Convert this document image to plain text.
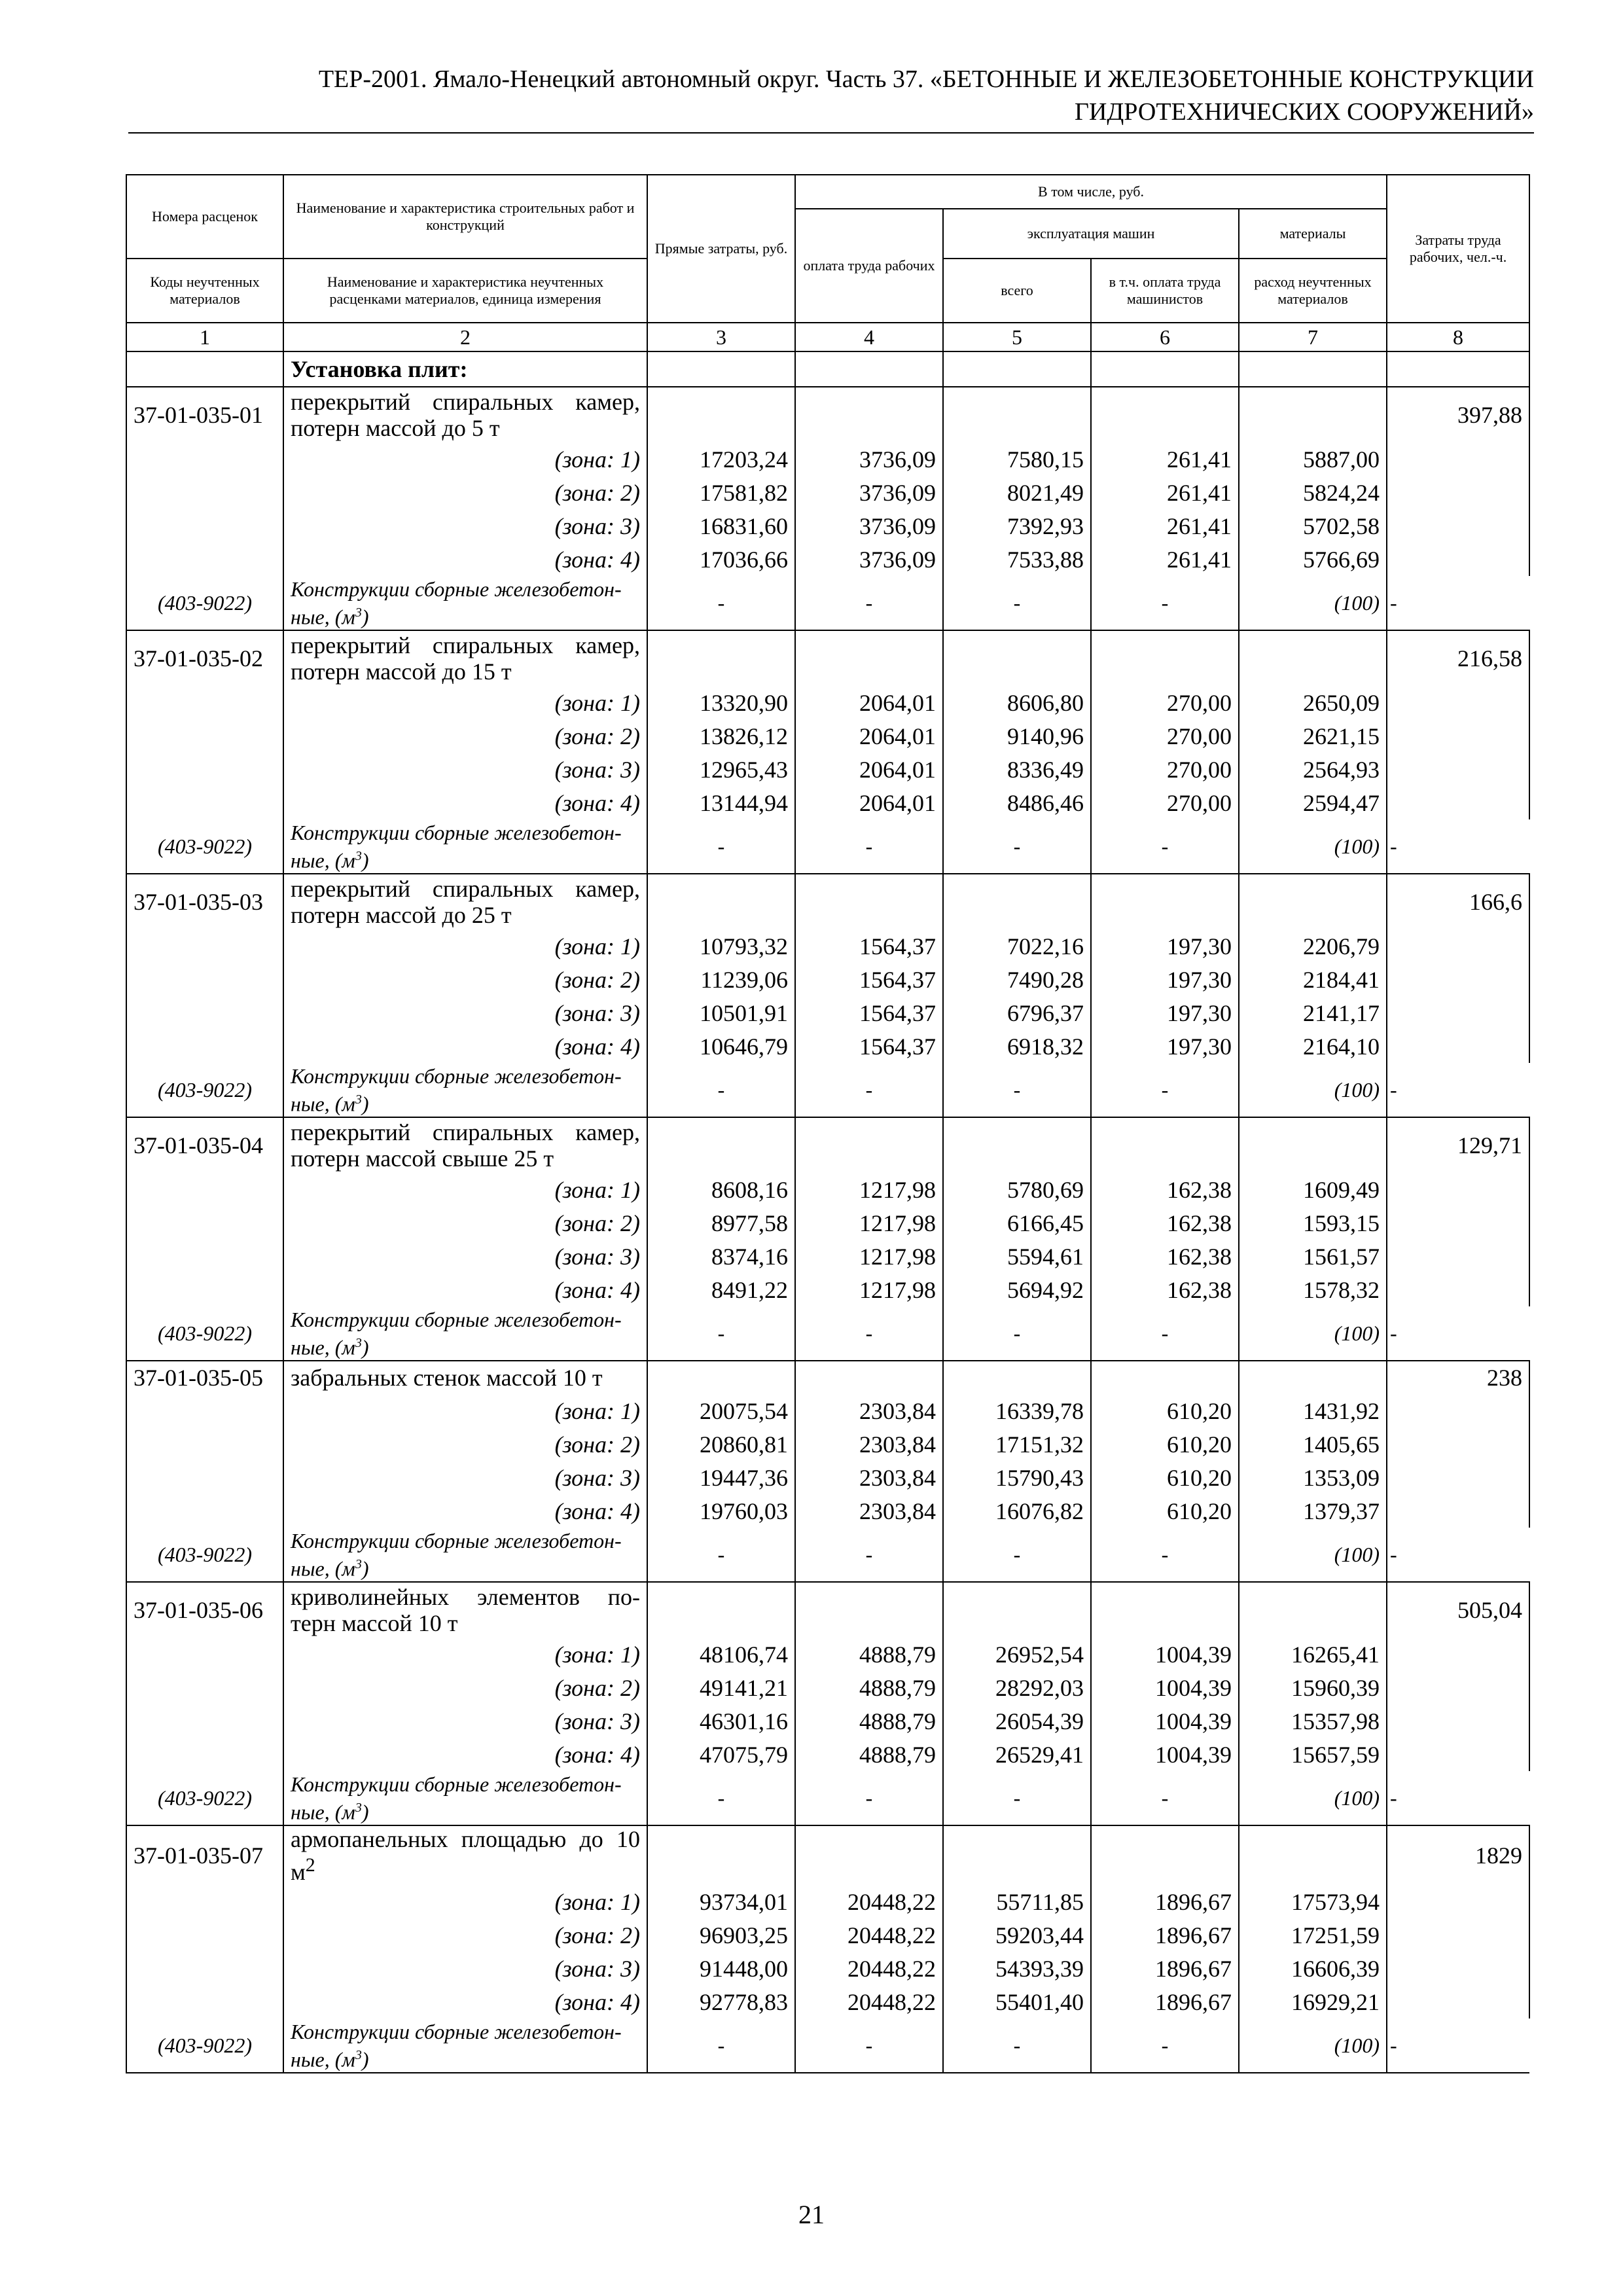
ТЕР-2001. Ямало-Ненецкий автономный округ. Часть 37. «БЕТОННЫЕ И ЖЕЛЕЗОБЕТОННЫЕ КОНСТРУКЦИИ
ГИДРОТЕХНИЧЕСКИХ СООРУЖЕНИЙ»
Номера расценок	Наименование и характеристика строительных работ и конструкций	Прямые затраты, руб.	В том числе, руб.				Затраты труда рабочих, чел.-ч.
			оплата труда рабочих	эксплуатация машин		материалы	
Коды неучтенных материалов	Наименование и характеристика неучтенных расценками материалов, единица измерения			всего	в т.ч. оплата труда машинистов	расход неучтенных материалов	
1	2	3	4	5	6	7	8
	Установка плит:						
37-01-035-01	перекрытий спиральных камер, потерн массой до 5 т						397,88
	(зона: 1)	17203,24	3736,09	7580,15	261,41	5887,00	
	(зона: 2)	17581,82	3736,09	8021,49	261,41	5824,24	
	(зона: 3)	16831,60	3736,09	7392,93	261,41	5702,58	
	(зона: 4)	17036,66	3736,09	7533,88	261,41	5766,69	
(403-9022)	Конструкции сборные железобетон-ные, $(м^3)$	-	-	-	-	(100)	-
37-01-035-02	перекрытий спиральных камер, потерн массой до 15 т						216,58
	(зона: 1)	13320,90	2064,01	8606,80	270,00	2650,09	
	(зона: 2)	13826,12	2064,01	9140,96	270,00	2621,15	
	(зона: 3)	12965,43	2064,01	8336,49	270,00	2564,93	
	(зона: 4)	13144,94	2064,01	8486,46	270,00	2594,47	
(403-9022)	Конструкции сборные железобетон-ные, $(м^3)$	-	-	-	-	(100)	-
37-01-035-03	перекрытий спиральных камер, потерн массой до 25 т						166,6
	(зона: 1)	10793,32	1564,37	7022,16	197,30	2206,79	
	(зона: 2)	11239,06	1564,37	7490,28	197,30	2184,41	
	(зона: 3)	10501,91	1564,37	6796,37	197,30	2141,17	
	(зона: 4)	10646,79	1564,37	6918,32	197,30	2164,10	
(403-9022)	Конструкции сборные железобетон-ные, $(м^3)$	-	-	-	-	(100)	-
37-01-035-04	перекрытий спиральных камер, потерн массой свыше 25 т						129,71
	(зона: 1)	8608,16	1217,98	5780,69	162,38	1609,49	
	(зона: 2)	8977,58	1217,98	6166,45	162,38	1593,15	
	(зона: 3)	8374,16	1217,98	5594,61	162,38	1561,57	
	(зона: 4)	8491,22	1217,98	5694,92	162,38	1578,32	
(403-9022)	Конструкции сборные железобетон-ные, $(м^3)$	-	-	-	-	(100)	-
37-01-035-05	забральных стенок массой 10 т						238
	(зона: 1)	20075,54	2303,84	16339,78	610,20	1431,92	
	(зона: 2)	20860,81	2303,84	17151,32	610,20	1405,65	
	(зона: 3)	19447,36	2303,84	15790,43	610,20	1353,09	
	(зона: 4)	19760,03	2303,84	16076,82	610,20	1379,37	
(403-9022)	Конструкции сборные железобетон-ные, $(м^3)$	-	-	-	-	(100)	-
37-01-035-06	криволинейных элементов по-терн массой 10 т						505,04
	(зона: 1)	48106,74	4888,79	26952,54	1004,39	16265,41	
	(зона: 2)	49141,21	4888,79	28292,03	1004,39	15960,39	
	(зона: 3)	46301,16	4888,79	26054,39	1004,39	15357,98	
	(зона: 4)	47075,79	4888,79	26529,41	1004,39	15657,59	
(403-9022)	Конструкции сборные железобетон-ные, $(м^3)$	-	-	-	-	(100)	-
37-01-035-07	армопанельных площадью до 10 $м^2$						1829
	(зона: 1)	93734,01	20448,22	55711,85	1896,67	17573,94	
	(зона: 2)	96903,25	20448,22	59203,44	1896,67	17251,59	
	(зона: 3)	91448,00	20448,22	54393,39	1896,67	16606,39	
	(зона: 4)	92778,83	20448,22	55401,40	1896,67	16929,21	
(403-9022)	Конструкции сборные железобетон-ные, $(м^3)$	-	-	-	-	(100)	-
21
